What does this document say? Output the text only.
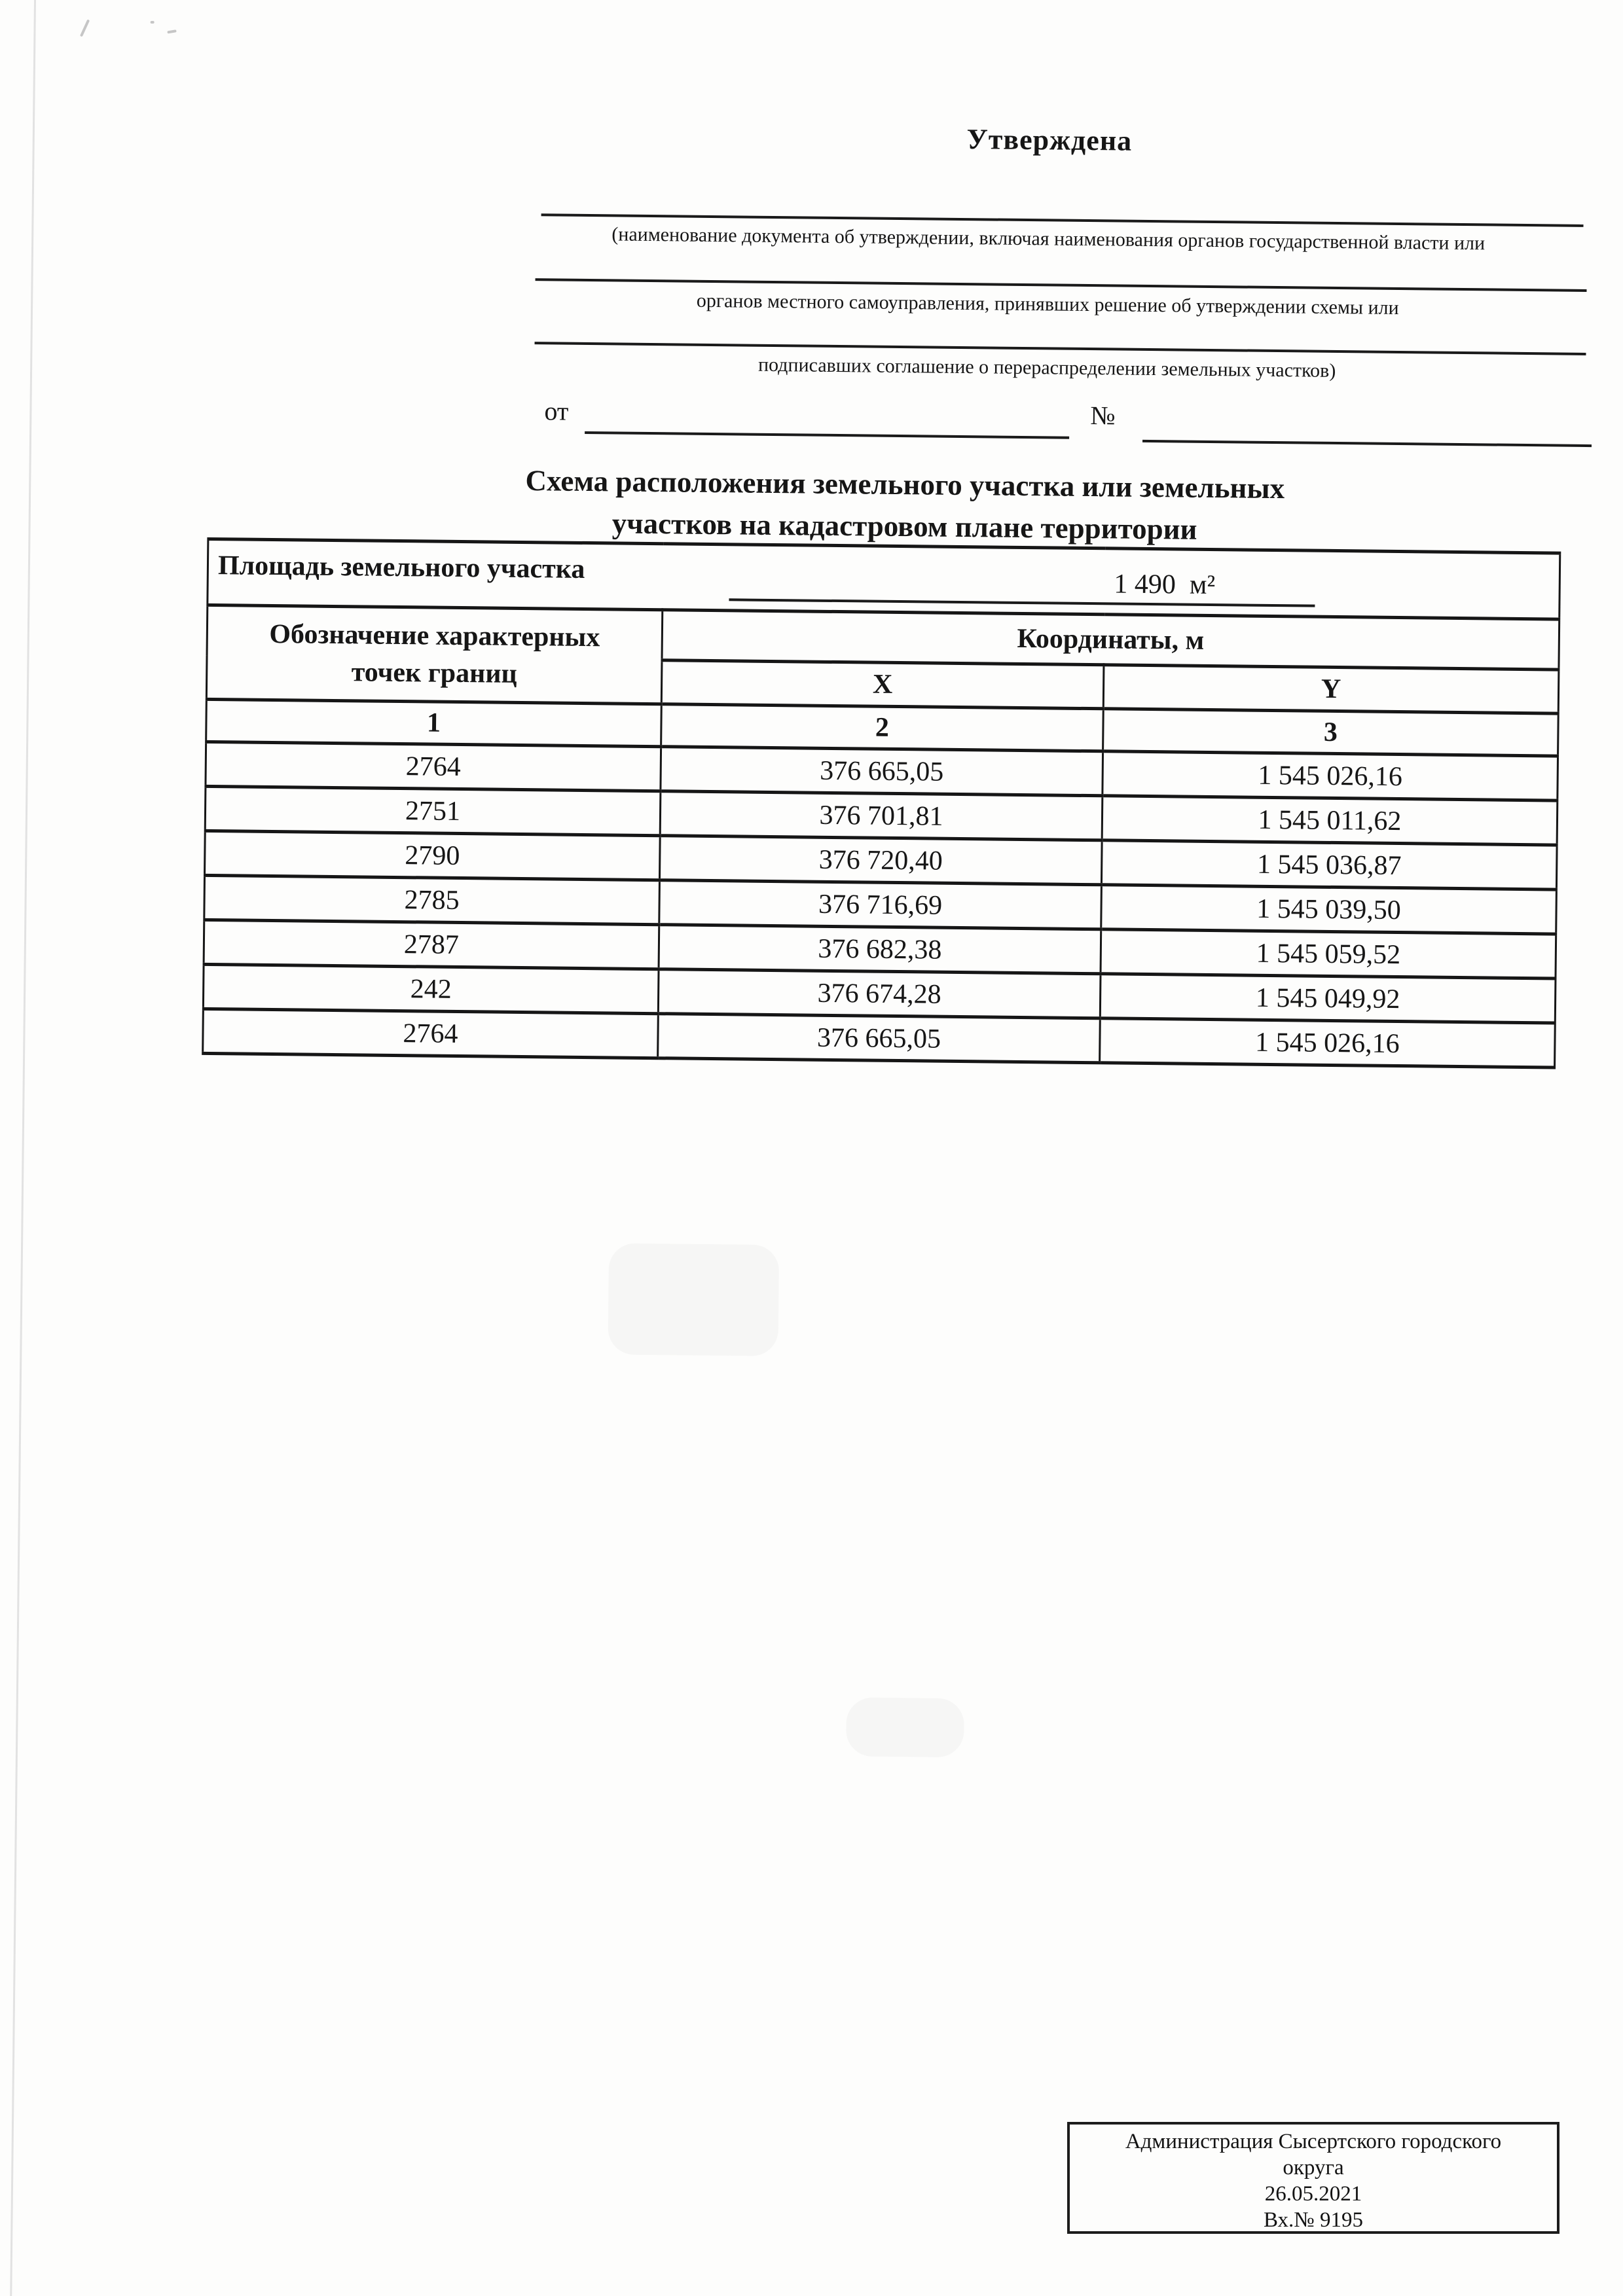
Утверждена
(наименование документа об утверждении, включая наименования органов государственной власти или
органов местного самоуправления, принявших решение об утверждении схемы или
подписавших соглашение о перераспределении земельных участков)
от	№
Схема расположения земельного участка или земельных
участков на кадастровом плане территории
Площадь земельного участка 1 490 м²		

Обозначение характерных точек границ	Координаты, м	
	X	Y
1	2	3
2764	376 665,05	1 545 026,16
2751	376 701,81	1 545 011,62
2790	376 720,40	1 545 036,87
2785	376 716,69	1 545 039,50
2787	376 682,38	1 545 059,52
242	376 674,28	1 545 049,92
2764	376 665,05	1 545 026,16
Администрация Сысертского городского
округа
26.05.2021
Вх.№ 9195
